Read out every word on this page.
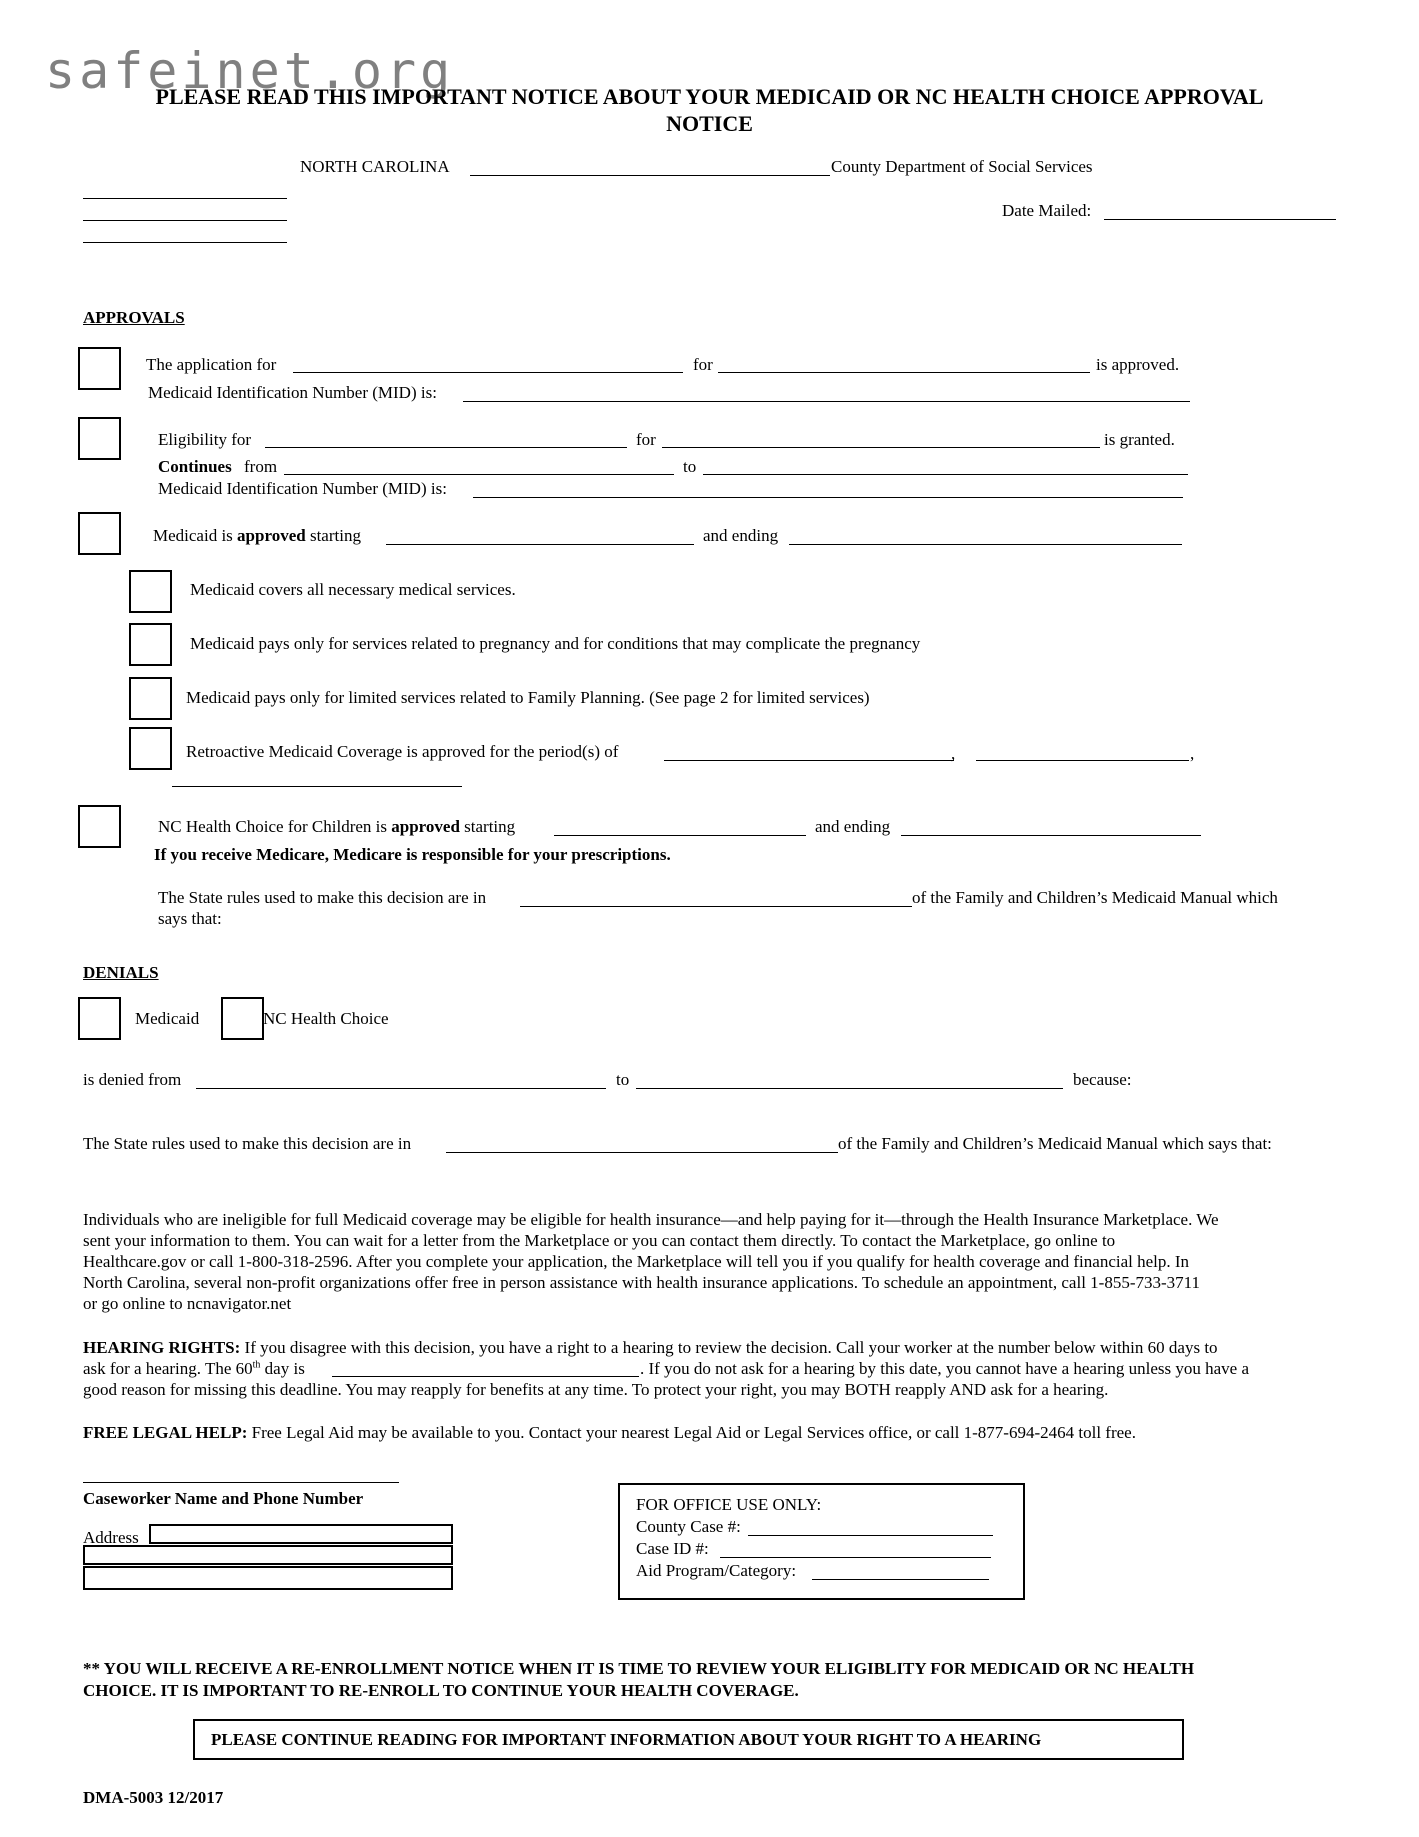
safeinet.org
PLEASE READ THIS IMPORTANT NOTICE ABOUT YOUR MEDICAID OR NC HEALTH CHOICE APPROVAL
NOTICE
NORTH CAROLINA	County Department of Social Services
Date Mailed:
APPROVALS
The application for	for	is approved.
Medicaid Identification Number (MID) is:
Eligibility for	for	is granted.
Continues from	to
Medicaid Identification Number (MID) is:
Medicaid is approved starting	and ending
Medicaid covers all necessary medical services.
Medicaid pays only for services related to pregnancy and for conditions that may complicate the pregnancy
Medicaid pays only for limited services related to Family Planning. (See page 2 for limited services)
Retroactive Medicaid Coverage is approved for the period(s) of	,	,
NC Health Choice for Children is approved starting	and ending
If you receive Medicare, Medicare is responsible for your prescriptions.
The State rules used to make this decision are in	of the Family and Children’s Medicaid Manual which
says that:
DENIALS
Medicaid	NC Health Choice
is denied from	to	because:
The State rules used to make this decision are in	of the Family and Children’s Medicaid Manual which says that:
Individuals who are ineligible for full Medicaid coverage may be eligible for health insurance—and help paying for it—through the Health Insurance Marketplace. We
sent your information to them. You can wait for a letter from the Marketplace or you can contact them directly. To contact the Marketplace, go online to
Healthcare.gov or call 1-800-318-2596. After you complete your application, the Marketplace will tell you if you qualify for health coverage and financial help. In
North Carolina, several non-profit organizations offer free in person assistance with health insurance applications. To schedule an appointment, call 1-855-733-3711
or go online to ncnavigator.net
HEARING RIGHTS: If you disagree with this decision, you have a right to a hearing to review the decision. Call your worker at the number below within 60 days to
ask for a hearing. The 60th day is	. If you do not ask for a hearing by this date, you cannot have a hearing unless you have a
good reason for missing this deadline. You may reapply for benefits at any time. To protect your right, you may BOTH reapply AND ask for a hearing.
FREE LEGAL HELP: Free Legal Aid may be available to you. Contact your nearest Legal Aid or Legal Services office, or call 1-877-694-2464 toll free.
Caseworker Name and Phone Number
Address
FOR OFFICE USE ONLY:
County Case #:
Case ID #:
Aid Program/Category:
** YOU WILL RECEIVE A RE-ENROLLMENT NOTICE WHEN IT IS TIME TO REVIEW YOUR ELIGIBLITY FOR MEDICAID OR NC HEALTH
CHOICE. IT IS IMPORTANT TO RE-ENROLL TO CONTINUE YOUR HEALTH COVERAGE.
PLEASE CONTINUE READING FOR IMPORTANT INFORMATION ABOUT YOUR RIGHT TO A HEARING
DMA-5003 12/2017
